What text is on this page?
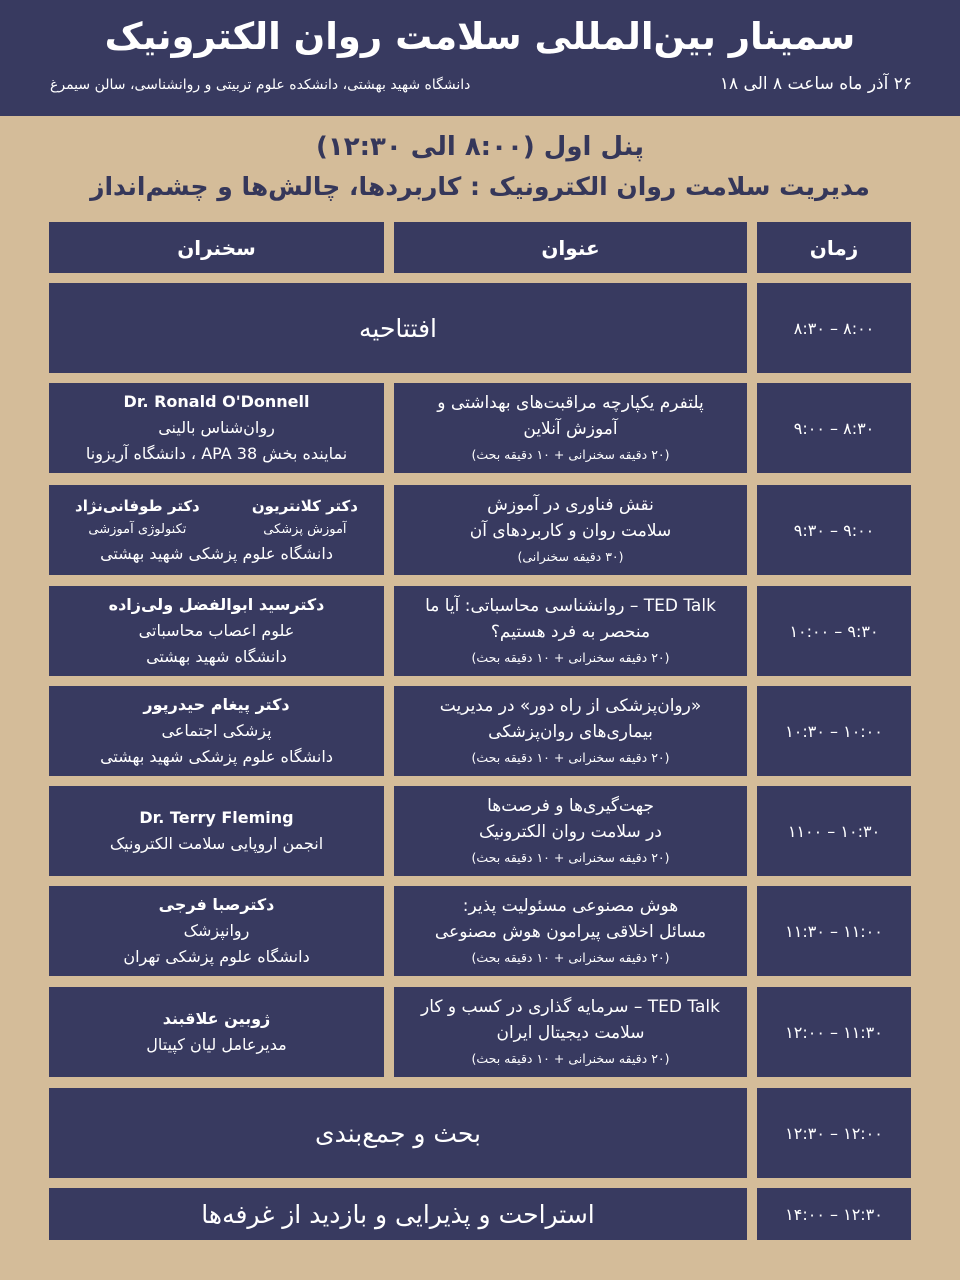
سمینار بین‌المللی سلامت روان الکترونیک
۲۶ آذر ماه ساعت ۸ الی ۱۸
دانشگاه شهید بهشتی، دانشکده علوم تربیتی و روانشناسی، سالن سیمرغ
پنل اول (۸:۰۰ الی ۱۲:۳۰)
مدیریت سلامت روان الکترونیک : کاربردها، چالش‌ها و چشم‌انداز
زمان
عنوان
سخنران
۸:۰۰ – ۸:۳۰
افتتاحیه
۸:۳۰ – ۹:۰۰
پلتفرم یکپارچه مراقبت‌های بهداشتی و
آموزش آنلاین
(۲۰ دقیقه سخنرانی + ۱۰ دقیقه بحث)
Dr. Ronald O'Donnell
روان‌شناس بالینی
نماینده بخش APA 38 ، دانشگاه آریزونا
۹:۰۰ – ۹:۳۰
نقش فناوری در آموزش
سلامت روان و کاربردهای آن
(۳۰ دقیقه سخنرانی)
دکتر کلانتریون
آموزش پزشکی
دکتر طوفانی‌نژاد
تکنولوژی آموزشی
دانشگاه علوم پزشکی شهید بهشتی
۹:۳۰ – ۱۰:۰۰
TED Talk – روانشناسی محاسباتی: آیا ما
منحصر به فرد هستیم؟
(۲۰ دقیقه سخنرانی + ۱۰ دقیقه بحث)
دکترسید ابوالفضل ولی‌زاده
علوم اعصاب محاسباتی
دانشگاه شهید بهشتی
۱۰:۰۰ – ۱۰:۳۰
«روان‌پزشکی از راه دور» در مدیریت
بیماری‌های روان‌پزشکی
(۲۰ دقیقه سخنرانی + ۱۰ دقیقه بحث)
دکتر پیغام حیدرپور
پزشکی اجتماعی
دانشگاه علوم پزشکی شهید بهشتی
۱۰:۳۰ – ۱۱۰۰
جهت‌گیری‌ها و فرصت‌ها
در سلامت روان الکترونیک
(۲۰ دقیقه سخنرانی + ۱۰ دقیقه بحث)
Dr. Terry Fleming
انجمن اروپایی سلامت الکترونیک
۱۱:۰۰ – ۱۱:۳۰
هوش مصنوعی مسئولیت پذیر:
مسائل اخلاقی پیرامون هوش مصنوعی
(۲۰ دقیقه سخنرانی + ۱۰ دقیقه بحث)
دکترصبا فرجی
روانپزشک
دانشگاه علوم پزشکی تهران
۱۱:۳۰ – ۱۲:۰۰
TED Talk – سرمایه گذاری در کسب و کار
سلامت دیجیتال ایران
(۲۰ دقیقه سخنرانی + ۱۰ دقیقه بحث)
ژوبین علاقبند
مدیرعامل لیان کپیتال
۱۲:۰۰ – ۱۲:۳۰
بحث و جمع‌بندی
۱۲:۳۰ – ۱۴:۰۰
استراحت و پذیرایی و بازدید از غرفه‌ها
